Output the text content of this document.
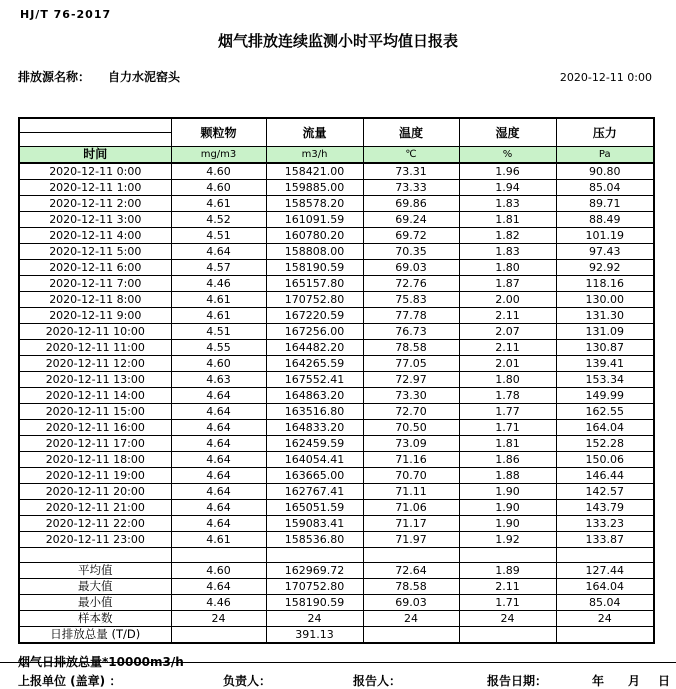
HJ/T 76-2017
烟气排放连续监测小时平均值日报表
排放源名称： 自力水泥窑头	2020-12-11 0:00
	颗粒物	流量	温度	湿度	压力

时间	mg/m3	m3/h	℃	%	Pa
2020-12-11 0:00	4.60	158421.00	73.31	1.96	90.80
2020-12-11 1:00	4.60	159885.00	73.33	1.94	85.04
2020-12-11 2:00	4.61	158578.20	69.86	1.83	89.71
2020-12-11 3:00	4.52	161091.59	69.24	1.81	88.49
2020-12-11 4:00	4.51	160780.20	69.72	1.82	101.19
2020-12-11 5:00	4.64	158808.00	70.35	1.83	97.43
2020-12-11 6:00	4.57	158190.59	69.03	1.80	92.92
2020-12-11 7:00	4.46	165157.80	72.76	1.87	118.16
2020-12-11 8:00	4.61	170752.80	75.83	2.00	130.00
2020-12-11 9:00	4.61	167220.59	77.78	2.11	131.30
2020-12-11 10:00	4.51	167256.00	76.73	2.07	131.09
2020-12-11 11:00	4.55	164482.20	78.58	2.11	130.87
2020-12-11 12:00	4.60	164265.59	77.05	2.01	139.41
2020-12-11 13:00	4.63	167552.41	72.97	1.80	153.34
2020-12-11 14:00	4.64	164863.20	73.30	1.78	149.99
2020-12-11 15:00	4.64	163516.80	72.70	1.77	162.55
2020-12-11 16:00	4.64	164833.20	70.50	1.71	164.04
2020-12-11 17:00	4.64	162459.59	73.09	1.81	152.28
2020-12-11 18:00	4.64	164054.41	71.16	1.86	150.06
2020-12-11 19:00	4.64	163665.00	70.70	1.88	146.44
2020-12-11 20:00	4.64	162767.41	71.11	1.90	142.57
2020-12-11 21:00	4.64	165051.59	71.06	1.90	143.79
2020-12-11 22:00	4.64	159083.41	71.17	1.90	133.23
2020-12-11 23:00	4.61	158536.80	71.97	1.92	133.87

平均值	4.60	162969.72	72.64	1.89	127.44
最大值	4.64	170752.80	78.58	2.11	164.04
最小值	4.46	158190.59	69.03	1.71	85.04
样本数	24	24	24	24	24
日排放总量 (T/D)		391.13			
烟气日排放总量*10000m3/h
上报单位 (盖章) ：	负责人：	报告人：	报告日期：	年 月 日
